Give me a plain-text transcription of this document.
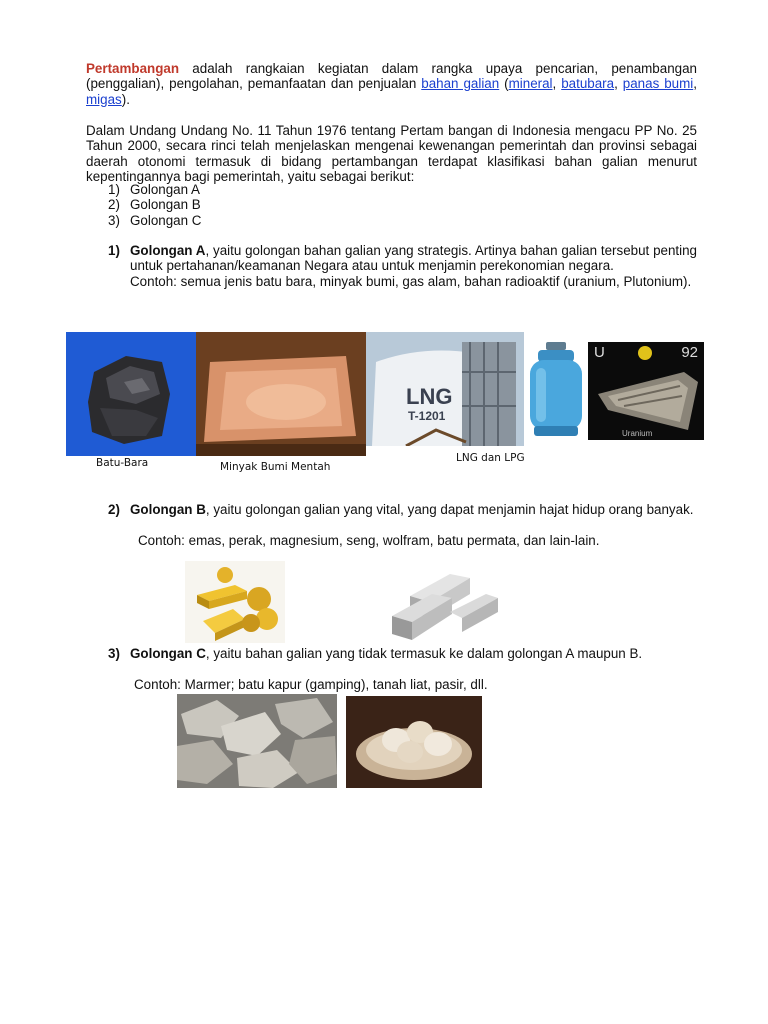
Pertambangan adalah rangkaian kegiatan dalam rangka upaya pencarian, penambangan (penggalian), pengolahan, pemanfaatan dan penjualan bahan galian (mineral, batubara, panas bumi, migas).

Dalam Undang Undang No. 11 Tahun 1976 tentang Pertam bangan di Indonesia mengacu PP No. 25 Tahun 2000, secara rinci telah menjelaskan mengenai kewenangan pemerintah dan provinsi sebagai daerah otonomi termasuk di bidang pertambangan terdapat klasifikasi bahan galian menurut kepentingannya bagi pemerintah, yaitu sebagai berikut:

1) Golongan A
2) Golongan B
3) Golongan C
1) Golongan A, yaitu golongan bahan galian yang strategis. Artinya bahan galian tersebut penting untuk pertahanan/keamanan Negara atau untuk menjamin perekonomian negara.
Contoh: semua jenis batu bara, minyak bumi, gas alam, bahan radioaktif (uranium, Plutonium).
LNG
T-1201
U	92
Uranium
Batu-Bara	Minyak Bumi Mentah
LNG dan LPG
2) Golongan B, yaitu golongan galian yang vital, yang dapat menjamin hajat hidup orang banyak.
Contoh: emas, perak, magnesium, seng, wolfram, batu permata, dan lain-lain.
3) Golongan C, yaitu bahan galian yang tidak termasuk ke dalam golongan A maupun B.
Contoh: Marmer; batu kapur (gamping), tanah liat, pasir, dll.
